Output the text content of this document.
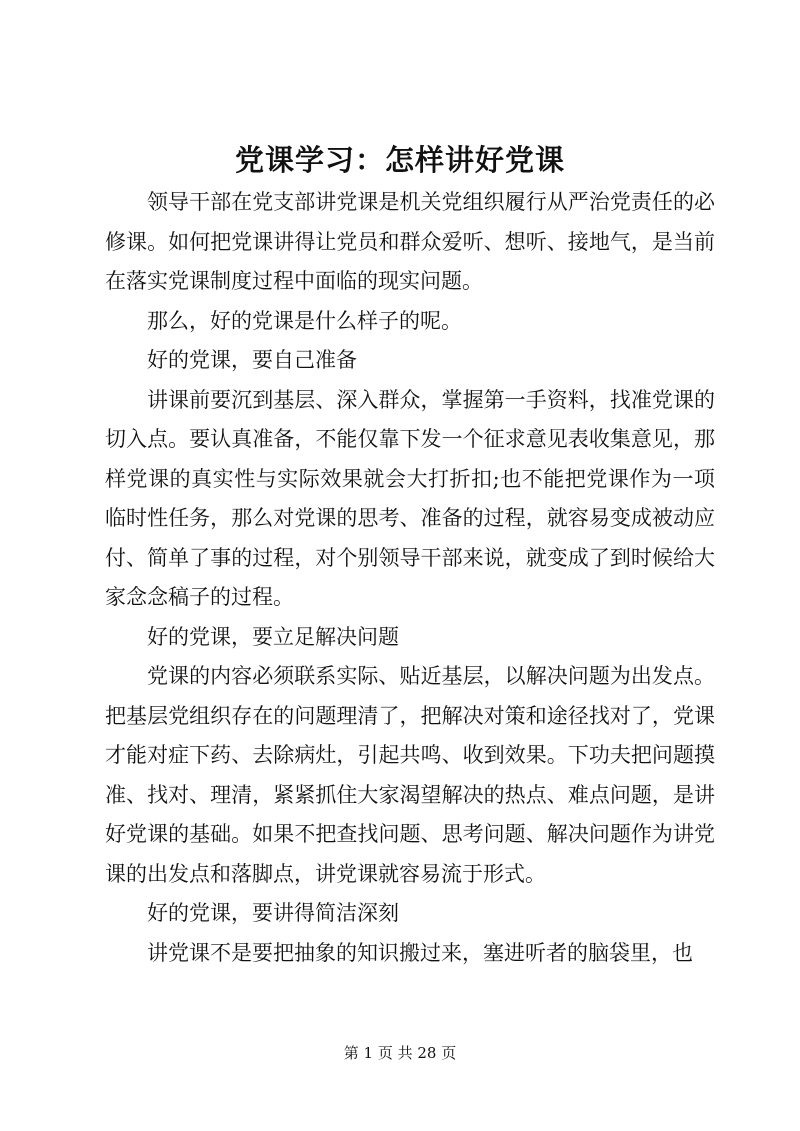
党课学习：怎样讲好党课

领导干部在党支部讲党课是机关党组织履行从严治党责任的必修课。如何把党课讲得让党员和群众爱听、想听、接地气，是当前在落实党课制度过程中面临的现实问题。

那么，好的党课是什么样子的呢。

好的党课，要自己准备

讲课前要沉到基层、深入群众，掌握第一手资料，找准党课的切入点。要认真准备，不能仅靠下发一个征求意见表收集意见，那样党课的真实性与实际效果就会大打折扣;也不能把党课作为一项临时性任务，那么对党课的思考、准备的过程，就容易变成被动应付、简单了事的过程，对个别领导干部来说，就变成了到时候给大家念念稿子的过程。

好的党课，要立足解决问题

党课的内容必须联系实际、贴近基层，以解决问题为出发点。把基层党组织存在的问题理清了，把解决对策和途径找对了，党课才能对症下药、去除病灶，引起共鸣、收到效果。下功夫把问题摸准、找对、理清，紧紧抓住大家渴望解决的热点、难点问题，是讲好党课的基础。如果不把查找问题、思考问题、解决问题作为讲党课的出发点和落脚点，讲党课就容易流于形式。

好的党课，要讲得简洁深刻

讲党课不是要把抽象的知识搬过来，塞进听者的脑袋里，也

第 1 页 共 28 页
